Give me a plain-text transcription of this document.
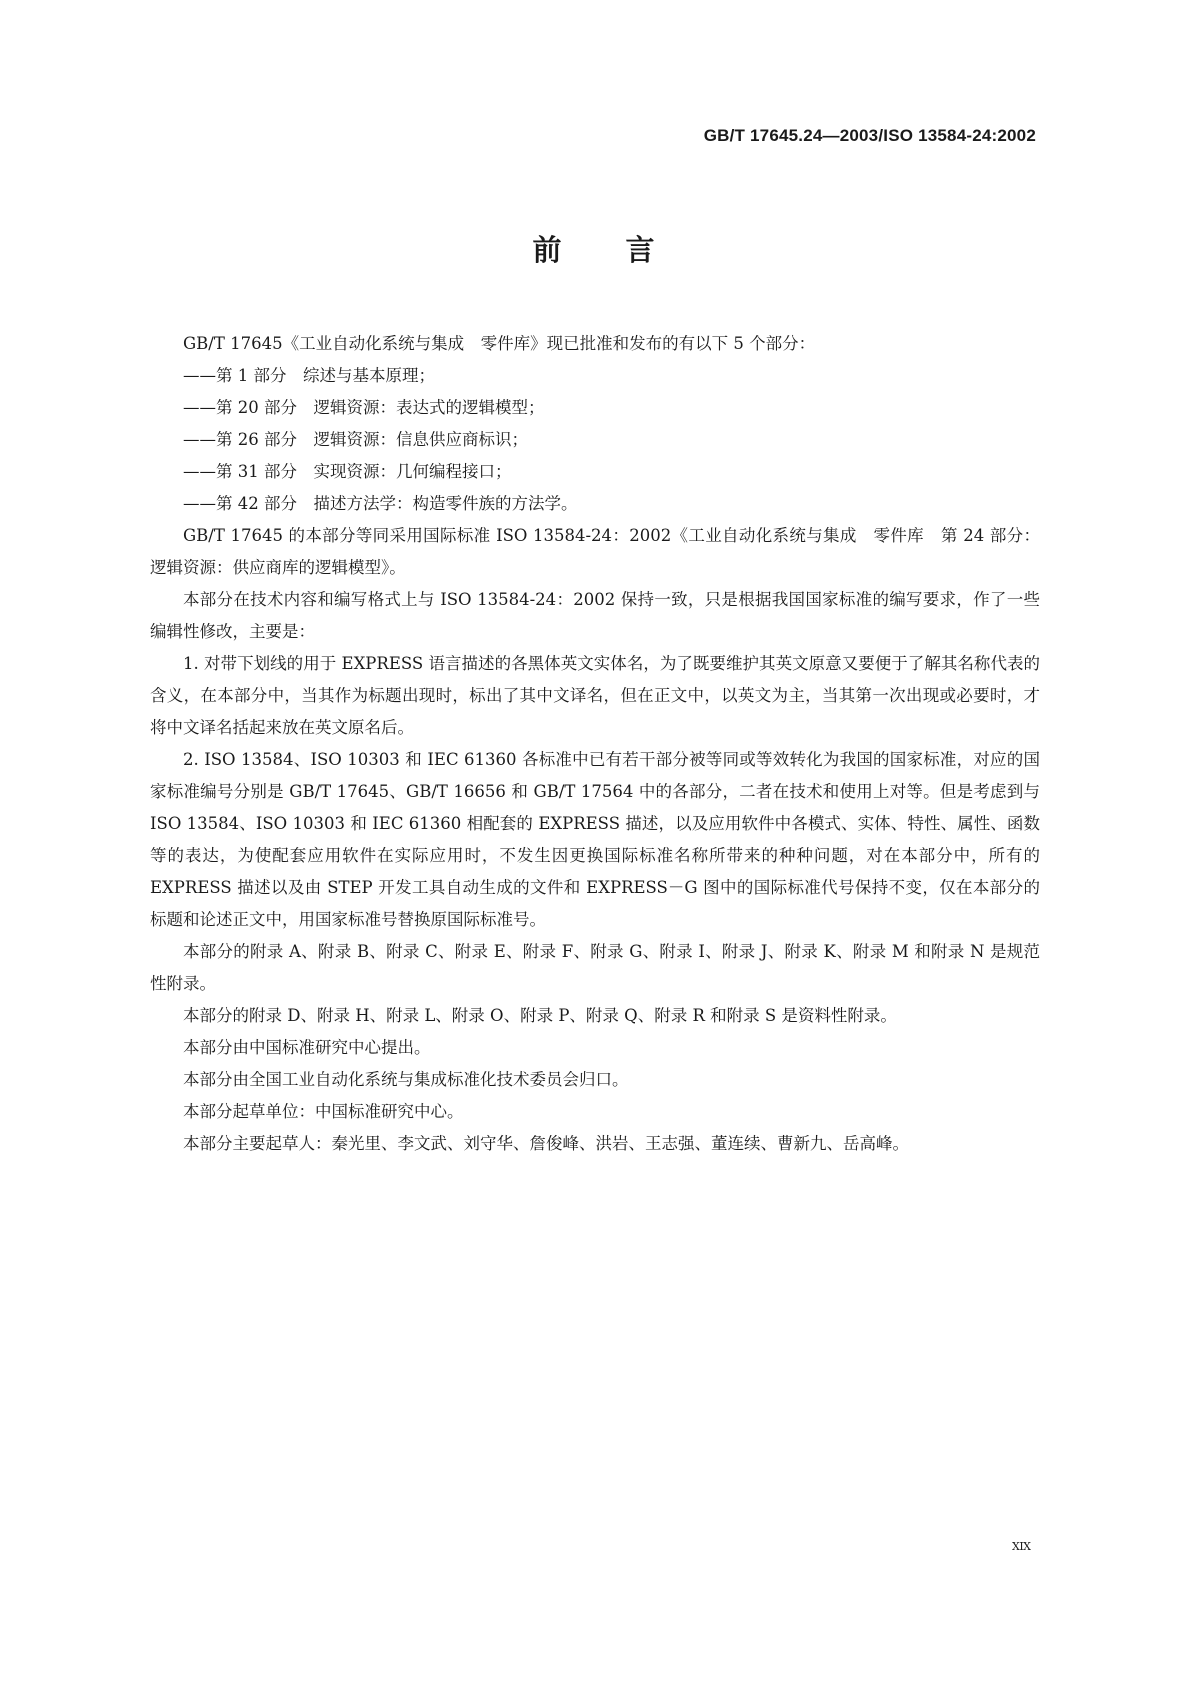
GB/T 17645.24—2003/ISO 13584-24:2002
前 言

GB/T 17645《工业自动化系统与集成　零件库》现已批准和发布的有以下 5 个部分：

——第 1 部分　综述与基本原理；

——第 20 部分　逻辑资源：表达式的逻辑模型；

——第 26 部分　逻辑资源：信息供应商标识；

——第 31 部分　实现资源：几何编程接口；

——第 42 部分　描述方法学：构造零件族的方法学。

GB/T 17645 的本部分等同采用国际标准 ISO 13584-24：2002《工业自动化系统与集成　零件库　第 24 部分：逻辑资源：供应商库的逻辑模型》。

本部分在技术内容和编写格式上与 ISO 13584-24：2002 保持一致，只是根据我国国家标准的编写要求，作了一些编辑性修改，主要是：

1. 对带下划线的用于 EXPRESS 语言描述的各黑体英文实体名，为了既要维护其英文原意又要便于了解其名称代表的含义，在本部分中，当其作为标题出现时，标出了其中文译名，但在正文中，以英文为主，当其第一次出现或必要时，才将中文译名括起来放在英文原名后。

2. ISO 13584、ISO 10303 和 IEC 61360 各标准中已有若干部分被等同或等效转化为我国的国家标准，对应的国家标准编号分别是 GB/T 17645、GB/T 16656 和 GB/T 17564 中的各部分，二者在技术和使用上对等。但是考虑到与 ISO 13584、ISO 10303 和 IEC 61360 相配套的 EXPRESS 描述，以及应用软件中各模式、实体、特性、属性、函数等的表达，为使配套应用软件在实际应用时，不发生因更换国际标准名称所带来的种种问题，对在本部分中，所有的 EXPRESS 描述以及由 STEP 开发工具自动生成的文件和 EXPRESS－G 图中的国际标准代号保持不变，仅在本部分的标题和论述正文中，用国家标准号替换原国际标准号。

本部分的附录 A、附录 B、附录 C、附录 E、附录 F、附录 G、附录 I、附录 J、附录 K、附录 M 和附录 N 是规范性附录。

本部分的附录 D、附录 H、附录 L、附录 O、附录 P、附录 Q、附录 R 和附录 S 是资料性附录。

本部分由中国标准研究中心提出。

本部分由全国工业自动化系统与集成标准化技术委员会归口。

本部分起草单位：中国标准研究中心。

本部分主要起草人：秦光里、李文武、刘守华、詹俊峰、洪岩、王志强、董连续、曹新九、岳高峰。

XIX
